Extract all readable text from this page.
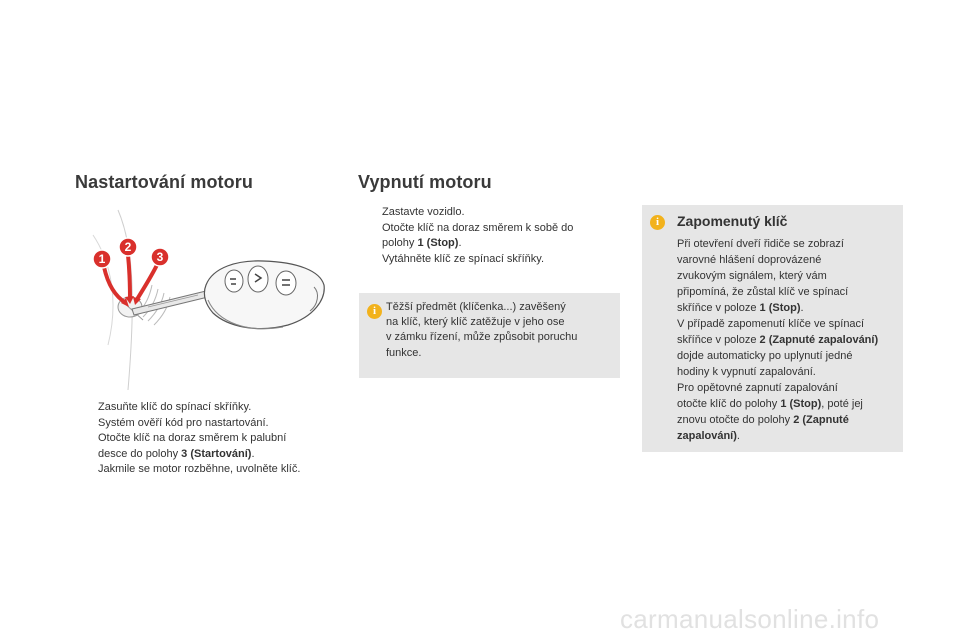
Nastartování motoru
1
2
3
Zasuňte klíč do spínací skříňky.
Systém ověří kód pro nastartování.
Otočte klíč na doraz směrem k palubní
desce do polohy 3 (Startování).
Jakmile se motor rozběhne, uvolněte klíč.
Vypnutí motoru
Zastavte vozidlo.
Otočte klíč na doraz směrem k sobě do
polohy 1 (Stop).
Vytáhněte klíč ze spínací skříňky.
i Těžší předmět (klíčenka...) zavěšený
na klíč, který klíč zatěžuje v jeho ose
v zámku řízení, může způsobit poruchu
funkce.
i	Zapomenutý klíč
Při otevření dveří řidiče se zobrazí
varovné hlášení doprovázené
zvukovým signálem, který vám
připomíná, že zůstal klíč ve spínací
skříňce v poloze 1 (Stop).
V případě zapomenutí klíče ve spínací
skříňce v poloze 2 (Zapnuté zapalování)
dojde automaticky po uplynutí jedné
hodiny k vypnutí zapalování.
Pro opětovné zapnutí zapalování
otočte klíč do polohy 1 (Stop), poté jej
znovu otočte do polohy 2 (Zapnuté
zapalování).
carmanualsonline.info
